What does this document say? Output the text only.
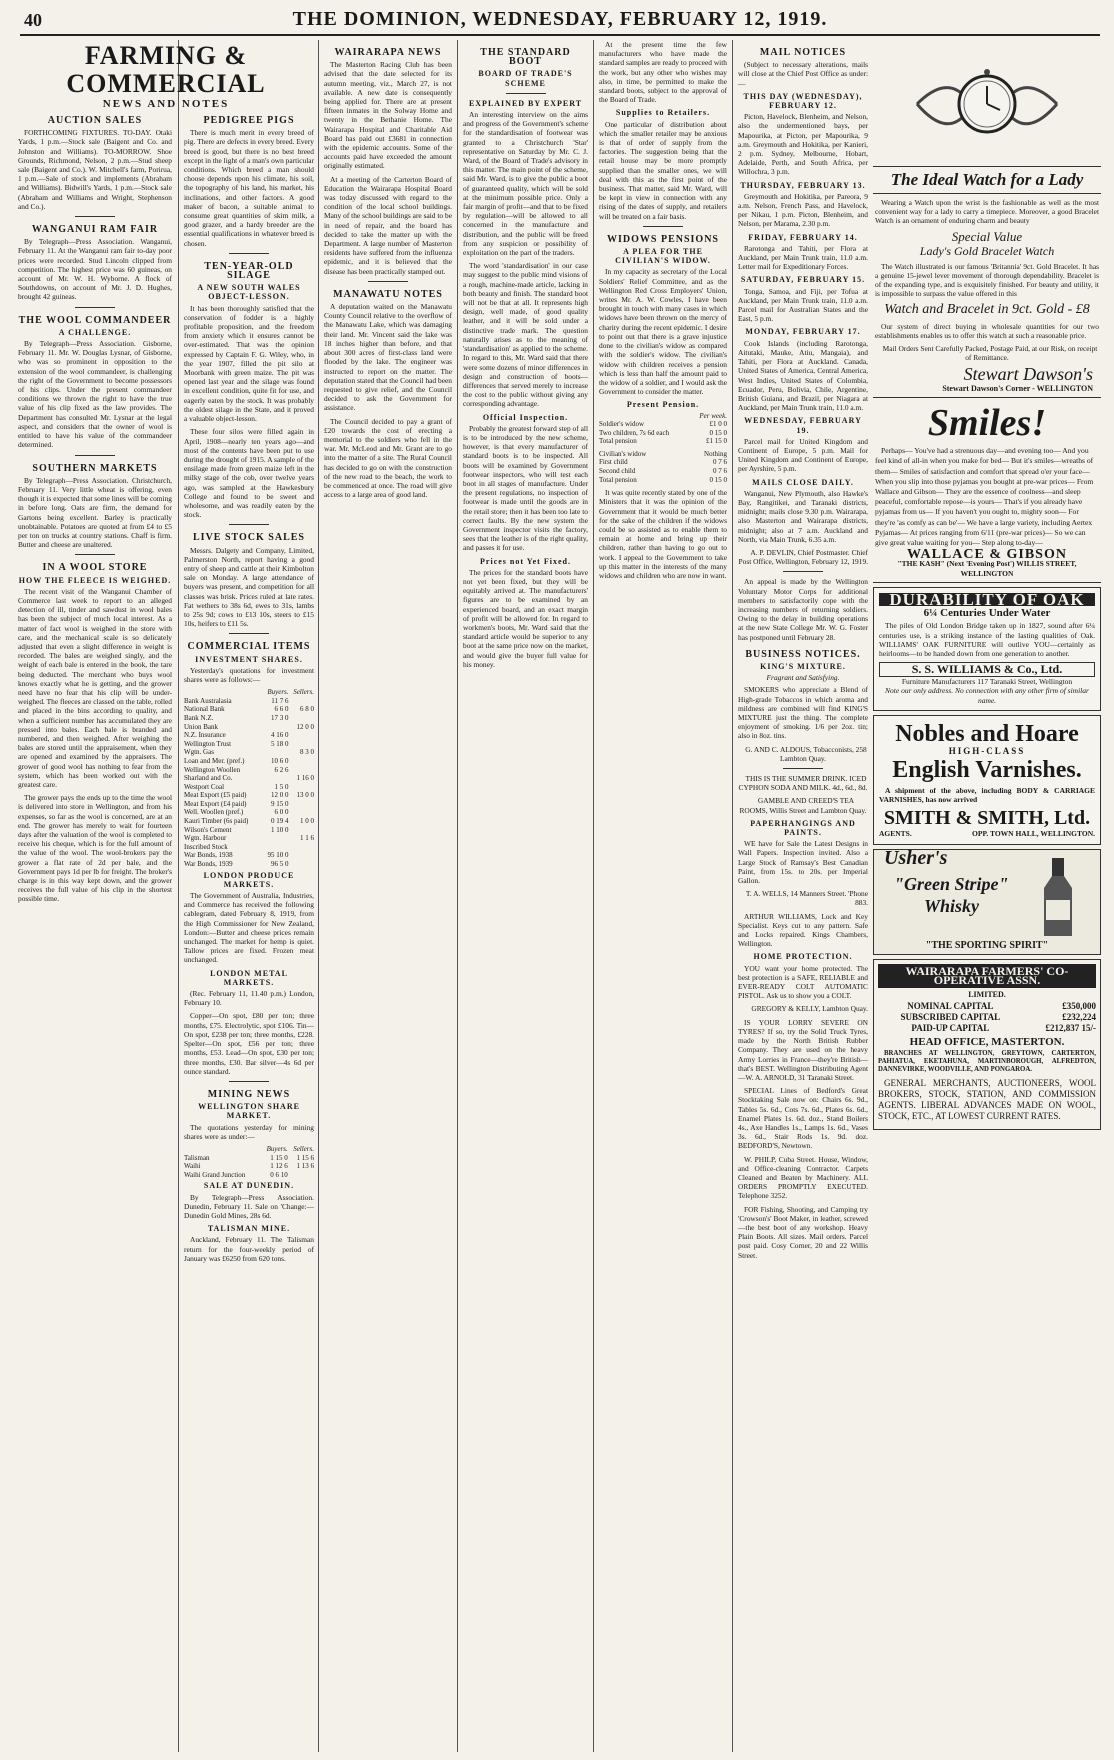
40	THE DOMINION, WEDNESDAY, FEBRUARY 12, 1919.
FARMING & COMMERCIAL
NEWS AND NOTES
AUCTION SALES

FORTHCOMING FIXTURES. TO-DAY. Otaki Yards, 1 p.m.—Stock sale (Baigent and Co. and Johnston and Williams). TO-MORROW. Shoe Grounds, Richmond, Nelson, 2 p.m.—Stud sheep sale (Baigent and Co.). W. Mitchell's farm, Porirua, 1 p.m.—Sale of stock and implements (Abraham and Williams). Bidwill's Yards, 1 p.m.—Stock sale (Abraham and Williams and Wright, Stephenson and Co.).

WANGANUI RAM FAIR

By Telegraph—Press Association. Wanganui, February 11. At the Wanganui ram fair to-day poor prices were recorded. Stud Lincoln clipped from competition. The highest price was 60 guineas, on account of Mr. W. H. Wyborne. A flock of Southdowns, on account of Mr. J. D. Hughes, brought 42 guineas.

THE WOOL COMMANDEER
A CHALLENGE.

By Telegraph—Press Association. Gisborne, February 11. Mr. W. Douglas Lysnar, of Gisborne, who was so prominent in opposition to the extension of the wool commandeer, is challenging the right of the Government to become possessors of his clips. Under the present commandeer conditions we thrown the right to have the true value of his clip fixed as the law provides. The Department has consulted Mr. Lysnar at the legal aspect, and considers that the owner of wool is entitled to have his value of the commandeer determined.

SOUTHERN MARKETS

By Telegraph—Press Association. Christchurch, February 11. Very little wheat is offering, even though it is expected that some lines will be coming in before long. Oats are firm, the demand for Gartons being excellent. Barley is practically unobtainable. Potatoes are quoted at from £4 to £5 per ton on trucks at country stations. Chaff is firm. Butter and cheese are unaltered.

IN A WOOL STORE
HOW THE FLEECE IS WEIGHED.

The recent visit of the Wanganui Chamber of Commerce last week to report to an alleged detection of ill, tinder and sawdust in wool bales has been the subject of much local interest. As a matter of fact wool is weighed in the store with care, and the mechanical scale is so delicately adjusted that even a slight difference in weight is recorded. The bales are weighed singly, and the weight of each bale is entered in the book, the tare being deducted. The merchant who buys wool knows exactly what he is getting, and the grower need have no fear that his clip will be under-weighed. The fleeces are classed on the table, rolled and placed in the bins according to quality, and when a sufficient number has accumulated they are pressed into bales. Each bale is branded and numbered, and then weighed. After weighing the bales are stored until the appraisement, when they are opened and examined by the appraisers. The grower of good wool has nothing to fear from the system, which has been worked out with the greatest care.

The grower pays the ends up to the time the wool is delivered into store in Wellington, and from his expenses, so far as the wool is concerned, are at an end. The grower has merely to wait for fourteen days after the valuation of the wool is completed to receive his cheque, which is for the full amount of the value of the wool. The wool-brokers pay the grower a flat rate of 2d per bale, and the Government pays 1d per lb for freight. The broker's charge is in this way kept down, and the grower receives the full value of his clip in the shortest possible time.

PEDIGREE PIGS

There is much merit in every breed of pig. There are defects in every breed. Every breed is good, but there is no best breed except in the light of a man's own particular conditions. Which breed a man should choose depends upon his climate, his soil, the topography of his land, his market, his inclinations, and other factors. A good maker of bacon, a suitable animal to consume great quantities of skim milk, a good grazer, and a hardy breeder are the essential qualifications in whatever breed is chosen.

TEN-YEAR-OLD SILAGE
A NEW SOUTH WALES OBJECT-LESSON.

It has been thoroughly satisfied that the conservation of fodder is a highly profitable proposition, and the freedom from anxiety which it ensures cannot be over-estimated. That was the opinion expressed by Captain F. G. Wiley, who, in the year 1907, filled the pit silo at Moorbank with green maize. The pit was opened last year and the silage was found in excellent condition, quite fit for use, and eagerly eaten by the stock. It was probably the oldest silage in the State, and it proved a valuable object-lesson.

These four silos were filled again in April, 1908—nearly ten years ago—and most of the contents have been put to use during the drought of 1915. A sample of the ensilage made from green maize left in the milky stage of the cob, over twelve years ago, was sampled at the Hawkesbury College and found to be sweet and wholesome, and was readily eaten by the stock.

LIVE STOCK SALES

Messrs. Dalgety and Company, Limited, Palmerston North, report having a good entry of sheep and cattle at their Kimbolton sale on Monday. A large attendance of buyers was present, and competition for all classes was brisk. Prices ruled at late rates. Fat wethers to 38s 6d, ewes to 31s, lambs to 25s 9d; cows to £13 10s, steers to £15 10s, heifers to £11 5s.

COMMERCIAL ITEMS
INVESTMENT SHARES.

Yesterday's quotations for investment shares were as follows:—

	Buyers.	Sellers.
Bank Australasia	11 7 6	
National Bank	6 6 0	6 8 0
Bank N.Z.	17 3 0	
Union Bank		12 0 0
N.Z. Insurance	4 16 0	
Wellington Trust	5 18 0	
Wgtn. Gas		8 3 0
Loan and Mer. (pref.)	10 6 0	
Wellington Woollen	6 2 6	
Sharland and Co.		1 16 0
Westport Coal	1 5 0	
Meat Export (£5 paid)	12 0 0	13 0 0
Meat Export (£4 paid)	9 15 0	
Well. Woollen (pref.)	6 0 0	
Kauri Timber (6s paid)	0 19 4	1 0 0
Wilson's Cement	1 10 0	
Wgtn. Harbour		1 1 6
Inscribed Stock		
War Bonds, 1938	95 10 0	
War Bonds, 1939	96 5 0	
LONDON PRODUCE MARKETS.

The Government of Australia, Industries, and Commerce has received the following cablegram, dated February 8, 1919, from the High Commissioner for New Zealand, London:—Butter and cheese prices remain unchanged. The market for hemp is quiet. Tallow prices are fixed. Frozen meat unchanged.

LONDON METAL MARKETS.

(Rec. February 11, 11.40 p.m.) London, February 10.

Copper—On spot, £80 per ton; three months, £75. Electrolytic, spot £106. Tin—On spot, £238 per ton; three months, £228. Spelter—On spot, £56 per ton; three months, £53. Lead—On spot, £30 per ton; three months, £30. Bar silver—4s 6d per ounce standard.

MINING NEWS
WELLINGTON SHARE MARKET.

The quotations yesterday for mining shares were as under:—

	Buyers.	Sellers.
Talisman	1 15 0	1 15 6
Waihi	1 12 6	1 13 6
Waihi Grand Junction	0 6 10	
SALE AT DUNEDIN.

By Telegraph—Press Association. Dunedin, February 11. Sale on 'Change:—Dunedin Gold Mines, 28s 6d.

TALISMAN MINE.

Auckland, February 11. The Talisman return for the four-weekly period of January was £6250 from 620 tons.

WAIRARAPA NEWS

The Masterton Racing Club has been advised that the date selected for its autumn meeting, viz., March 27, is not available. A new date is consequently being applied for. There are at present fifteen inmates in the Solway Home and twenty in the Bethanie Home. The Wairarapa Hospital and Charitable Aid Board has paid out £3681 in connection with the epidemic accounts. Some of the accounts paid have exceeded the amount originally estimated.

At a meeting of the Carterton Board of Education the Wairarapa Hospital Board was today discussed with regard to the condition of the local school buildings. Many of the school buildings are said to be in need of repair, and the board has decided to take the matter up with the Department. A large number of Masterton residents have suffered from the influenza epidemic, and it is believed that the disease has been practically stamped out.

MANAWATU NOTES

A deputation waited on the Manawatu County Council relative to the overflow of the Manawatu Lake, which was damaging their land. Mr. Vincent said the lake was 18 inches higher than before, and that about 300 acres of first-class land were flooded by the lake. The engineer was instructed to report on the matter. The deputation stated that the Council had been requested to give relief, and the Council decided to ask the Government for assistance.

The Council decided to pay a grant of £20 towards the cost of erecting a memorial to the soldiers who fell in the war. Mr. McLeod and Mr. Grant are to go into the matter of a site. The Rural Council has decided to go on with the construction of the new road to the beach, the work to be commenced at once. The road will give access to a large area of good land.

THE STANDARD BOOT
BOARD OF TRADE'S SCHEME
EXPLAINED BY EXPERT

An interesting interview on the aims and progress of the Government's scheme for the standardisation of footwear was granted to a Christchurch 'Star' representative on Saturday by Mr. C. J. Ward, of the Board of Trade's advisory in this matter. The main point of the scheme, said Mr. Ward, is to give the public a boot of guaranteed quality, which will be sold at the minimum possible price. Only a fair margin of profit—and that to be fixed by regulation—will be allowed to all concerned in the manufacture and distribution, and the public will be freed from any suspicion or possibility of exploitation on the part of the traders.

The word 'standardisation' in our case may suggest to the public mind visions of a rough, machine-made article, lacking in both beauty and finish. The standard boot will not be that at all. It represents high design, well made, of good quality leather, and it will be sold under a distinctive trade mark. The question naturally arises as to the meaning of 'standardisation' as applied to the scheme. In regard to this, Mr. Ward said that there were some dozens of minor differences in design and construction of boots—differences that served merely to increase the cost to the public without giving any corresponding advantage.

Official Inspection.

Probably the greatest forward step of all is to be introduced by the new scheme, however, is that every manufacturer of standard boots is to be inspected. All boots will be examined by Government footwear inspectors, who will test each boot in all stages of manufacture. Under the present regulations, no inspection of footwear is made until the goods are in the retail store; then it has been too late to correct faults. By the new system the Government inspector visits the factory, sees that the leather is of the right quality, and passes it for use.

Prices not Yet Fixed.

The prices for the standard boots have not yet been fixed, but they will be equitably arrived at. The manufacturers' figures are to be examined by an experienced board, and an exact margin of profit will be allowed for. In regard to workmen's boots, Mr. Ward said that the standard article would be superior to any boot at the same price now on the market, and would give the buyer full value for his money.

At the present time the few manufacturers who have made the standard samples are ready to proceed with the work, but any other who wishes may also, in time, be permitted to make the standard boots, subject to the approval of the Board of Trade.

Supplies to Retailers.

One particular of distribution about which the smaller retailer may be anxious is that of order of supply from the factories. The suggestion being that the retail house may be more promptly supplied than the smaller ones, we will deal with this as the first point of the business. That matter, said Mr. Ward, will be kept in view in connection with any rising of the dates of supply, and retailers will be treated on a fair basis.

WIDOWS PENSIONS
A PLEA FOR THE CIVILIAN'S WIDOW.

In my capacity as secretary of the Local Soldiers' Relief Committee, and as the Wellington Red Cross Employers' Union, writes Mr. A. W. Cowles, I have been brought in touch with many cases in which widows have been thrown on the mercy of charity during the recent epidemic. I desire to point out that there is a grave injustice done to the civilian's widow as compared with the soldier's widow. The civilian's widow with children receives a pension which is less than half the amount paid to the widow of a soldier, and I would ask the Government to consider the matter.

Present Pension.
	Per week.	
Soldier's widow	£1 0 0	
Two children, 7s 6d each	0 15 0	
Total pension	£1 15 0	
Civilian's widow	Nothing	
First child	0 7 6	
Second child	0 7 6	
Total pension	0 15 0	

It was quite recently stated by one of the Ministers that it was the opinion of the Government that it would be much better for the sake of the children if the widows could be so assisted as to enable them to remain at home and bring up their children, rather than having to go out to work. I appeal to the Government to take up this matter in the interests of the many widows and children who are now in want.

MAIL NOTICES

(Subject to necessary alterations, mails will close at the Chief Post Office as under:—

THIS DAY (WEDNESDAY), FEBRUARY 12.

Picton, Havelock, Blenheim, and Nelson, also the undermentioned bays, per Mapourika, at Picton, per Mapourika, 9 a.m. Greymouth and Hokitika, per Kanieri, 2 p.m. Sydney, Melbourne, Hobart, Adelaide, Perth, and South Africa, per Willochra, 3 p.m.

THURSDAY, FEBRUARY 13.

Greymouth and Hokitika, per Pareora, 9 a.m. Nelson, French Pass, and Havelock, per Nikau, 1 p.m. Picton, Blenheim, and Nelson, per Marama, 2.30 p.m.

FRIDAY, FEBRUARY 14.

Rarotonga and Tahiti, per Flora at Auckland, per Main Trunk train, 11.0 a.m. Letter mail for Expeditionary Forces.

SATURDAY, FEBRUARY 15.

Tonga, Samoa, and Fiji, per Tofua at Auckland, per Main Trunk train, 11.0 a.m. Parcel mail for Australian States and the East, 5 p.m.

MONDAY, FEBRUARY 17.

Cook Islands (including Rarotonga, Aitutaki, Mauke, Atiu, Mangaia), and Tahiti, per Flora at Auckland. Canada, United States of America, Central America, West Indies, United States of Colombia, Ecuador, Peru, Bolivia, Chile, Argentine, British Guiana, and Brazil, per Niagara at Auckland, per Main Trunk train, 11.0 a.m.

WEDNESDAY, FEBRUARY 19.

Parcel mail for United Kingdom and Continent of Europe, 5 p.m. Mail for United Kingdom and Continent of Europe, per Ayrshire, 5 p.m.

MAILS CLOSE DAILY.

Wanganui, New Plymouth, also Hawke's Bay, Rangitikei, and Taranaki districts, midnight; mails close 9.30 p.m. Wairarapa, also Masterton and Wairarapa districts, midnight; also at 7 a.m. Auckland and North, via Main Trunk, 6.35 a.m.

A. P. DEVLIN, Chief Postmaster. Chief Post Office, Wellington, February 12, 1919.

An appeal is made by the Wellington Voluntary Motor Corps for additional members to satisfactorily cope with the increasing numbers of returning soldiers. Owing to the delay in building operations at the new State College Mr. W. G. Foster has postponed until February 28.

BUSINESS NOTICES.
KING'S MIXTURE.
Fragrant and Satisfying.

SMOKERS who appreciate a Blend of High-grade Tobaccos in which aroma and mildness are combined will find KING'S MIXTURE just the thing. The complete enjoyment of smoking. 1/6 per 2oz. tin; also in 8oz. tins.

G. AND C. ALDOUS, Tobacconists, 258 Lambton Quay.

THIS IS THE SUMMER DRINK. ICED CYPHON SODA AND MILK. 4d., 6d., 8d.

GAMBLE AND CREED'S TEA ROOMS, Willis Street and Lambton Quay.

PAPERHANGINGS AND PAINTS.

WE have for Sale the Latest Designs in Wall Papers. Inspection invited. Also a Large Stock of Ramsay's Best Canadian Paint, from 15s. to 20s. per Imperial Gallon.

T. A. WELLS, 14 Manners Street. 'Phone 883.

ARTHUR WILLIAMS, Lock and Key Specialist. Keys cut to any pattern. Safe and Locks repaired. Kings Chambers, Wellington.

HOME PROTECTION.

YOU want your home protected. The best protection is a SAFE, RELIABLE and EVER-READY COLT AUTOMATIC PISTOL. Ask us to show you a COLT.

GREGORY & KELLY, Lambton Quay.

IS YOUR LORRY SEVERE ON TYRES? If so, try the Solid Truck Tyres, made by the North British Rubber Company. They are used on the heavy Army Lorries in France—they're British—that's BEST. Wellington Distributing Agent—W. A. ARNOLD, 31 Taranaki Street.

SPECIAL Lines of Bedford's Great Stocktaking Sale now on: Chairs 6s. 9d., Tables 5s. 6d., Cots 7s. 6d., Plates 6s. 6d., Enamel Plates 1s. 6d. doz., Stand Boilers 4s., Axe Handles 1s., Lamps 1s. 6d., Vases 3s. 6d., Stair Rods 1s. 9d. doz. BEDFORD'S, Newtown.

W. PHILP, Cuba Street. House, Window, and Office-cleaning Contractor. Carpets Cleaned and Beaten by Machinery. ALL ORDERS PROMPTLY EXECUTED. Telephone 3252.

FOR Fishing, Shooting, and Camping try 'Crowson's' Boot Maker, in leather, screwed—the best boot of any workshop. Heavy Plain Boots. All sizes. Mail orders. Parcel post paid. Cosy Corner, 20 and 22 Willis Street.

The Ideal Watch for a Lady

Wearing a Watch upon the wrist is the fashionable as well as the most convenient way for a lady to carry a timepiece. Moreover, a good Bracelet Watch is an ornament of enduring charm and beauty

Special Value
Lady's Gold Bracelet Watch

The Watch illustrated is our famous 'Britannia' 9ct. Gold Bracelet. It has a genuine 15-jewel lever movement of thorough dependability. Bracelet is of the expanding type, and is exquisitely finished. For beauty and utility, it is impossible to surpass the value offered in this

Watch and Bracelet in 9ct. Gold - £8

Our system of direct buying in wholesale quantities for our two establishments enables us to offer this watch at such a reasonable price.

Mail Orders Sent Carefully Packed, Postage Paid, at our Risk, on receipt of Remittance.

Stewart Dawson's
Stewart Dawson's Corner - WELLINGTON
Smiles!

Perhaps— You've had a strenuous day—and evening too— And you feel kind of all-in when you make for bed— But it's smiles—wreaths of them— Smiles of satisfaction and comfort that spread o'er your face— When you slip into those pyjamas you bought at pre-war prices— From Wallace and Gibson— They are the essence of coolness—and sleep peaceful, comfortable repose—is yours— That's if you already have pyjamas from us— If you haven't you ought to, mighty soon— For they're 'as comfy as can be'— We have a large variety, including Aertex Pyjamas— At prices ranging from 6/11 (pre-war prices)— So we can give great value waiting for you— Step along to-day—

WALLACE & GIBSON
"THE KASH" (Next 'Evening Post') WILLIS STREET, WELLINGTON
DURABILITY OF OAK
6¼ Centuries Under Water

The piles of Old London Bridge taken up in 1827, sound after 6¼ centuries use, is a striking instance of the lasting qualities of Oak. WILLIAMS' OAK FURNITURE will outlive YOU—certainly as heirlooms—to be handed down from one generation to another.

S. S. WILLIAMS & Co., Ltd.
Furniture Manufacturers 117 Taranaki Street, Wellington
Note our only address. No connection with any other firm of similar name.
Nobles and Hoare
HIGH-CLASS
English Varnishes.

A shipment of the above, including BODY & CARRIAGE VARNISHES, has now arrived

SMITH & SMITH, Ltd.
AGENTS.	OPP. TOWN HALL, WELLINGTON.
Usher's
"Green Stripe"
Whisky
"THE SPORTING SPIRIT"
WAIRARAPA FARMERS' CO-OPERATIVE ASSN.
LIMITED.
NOMINAL CAPITAL	£350,000
SUBSCRIBED CAPITAL	£232,224
PAID-UP CAPITAL	£212,837 15/-
HEAD OFFICE, MASTERTON.

BRANCHES AT WELLINGTON, GREYTOWN, CARTERTON, PAHIATUA, EKETAHUNA, MARTINBOROUGH, ALFREDTON, DANNEVIRKE, WOODVILLE, AND PONGAROA.

GENERAL MERCHANTS, AUCTIONEERS, WOOL BROKERS, STOCK, STATION, AND COMMISSION AGENTS. LIBERAL ADVANCES MADE ON WOOL, STOCK, ETC., AT LOWEST CURRENT RATES.
